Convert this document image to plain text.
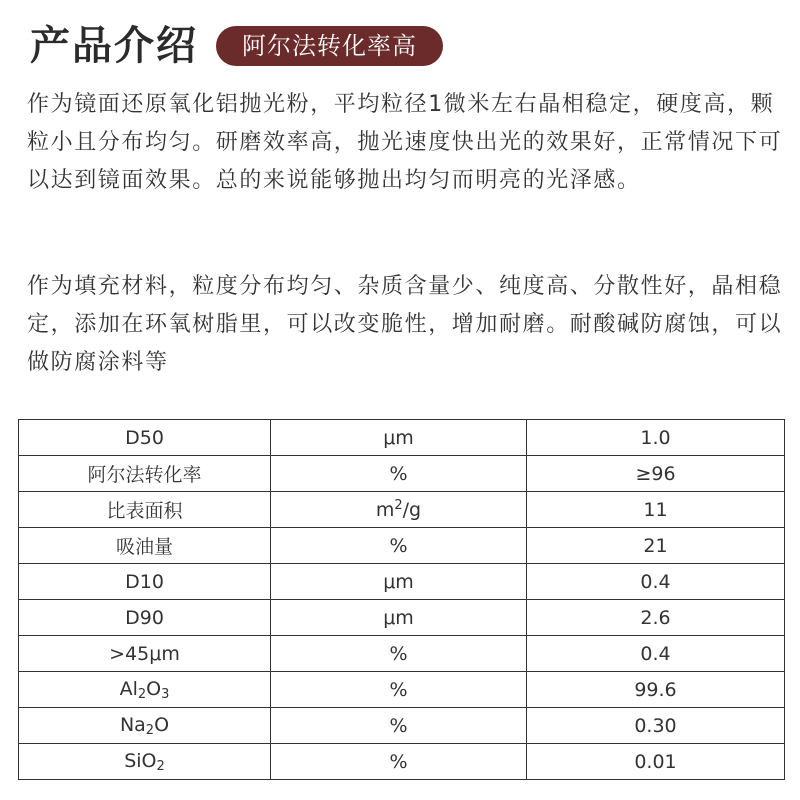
产品介绍	阿尔法转化率高

作为镜面还原氧化铝抛光粉，平均粒径1微米左右晶相稳定，硬度高，颗粒小且分布均匀。研磨效率高，抛光速度快出光的效果好，正常情况下可以达到镜面效果。总的来说能够抛出均匀而明亮的光泽感。

作为填充材料，粒度分布均匀、杂质含量少、纯度高、分散性好，晶相稳定，添加在环氧树脂里，可以改变脆性，增加耐磨。耐酸碱防腐蚀，可以做防腐涂料等

D50	μm	1.0
阿尔法转化率	%	≥96
比表面积	$m^2/g$	11
吸油量	%	21
D10	μm	0.4
D90	μm	2.6
>45μm	%	0.4
$Al_2O_3$	%	99.6
$Na_2O$	%	0.30
SiO$_2$	%	0.01
